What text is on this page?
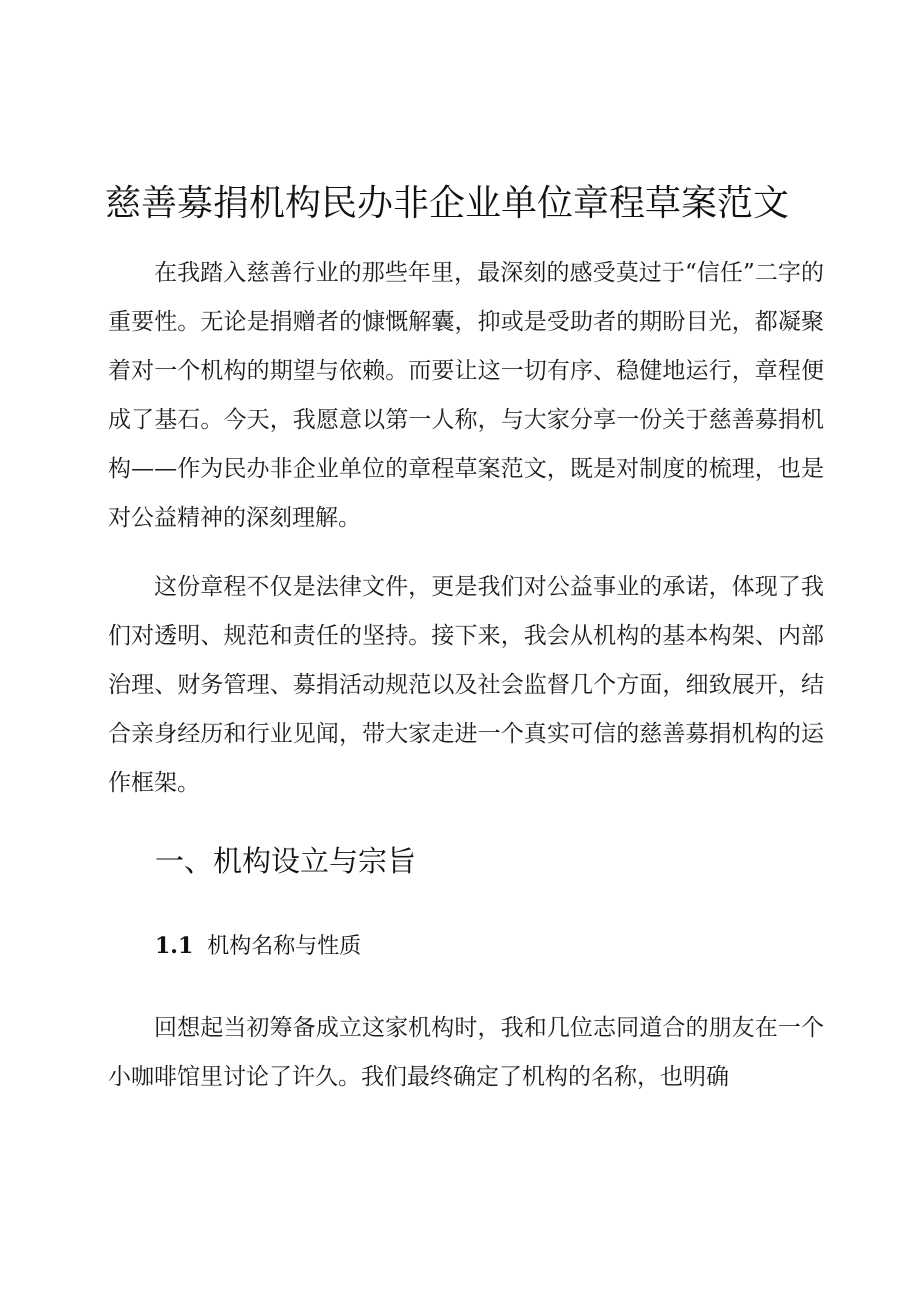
慈善募捐机构民办非企业单位章程草案范文

在我踏入慈善行业的那些年里，最深刻的感受莫过于“信任”二字的重要性。无论是捐赠者的慷慨解囊，抑或是受助者的期盼目光，都凝聚着对一个机构的期望与依赖。而要让这一切有序、稳健地运行，章程便成了基石。今天，我愿意以第一人称，与大家分享一份关于慈善募捐机构——作为民办非企业单位的章程草案范文，既是对制度的梳理，也是对公益精神的深刻理解。

这份章程不仅是法律文件，更是我们对公益事业的承诺，体现了我们对透明、规范和责任的坚持。接下来，我会从机构的基本构架、内部治理、财务管理、募捐活动规范以及社会监督几个方面，细致展开，结合亲身经历和行业见闻，带大家走进一个真实可信的慈善募捐机构的运作框架。

一、机构设立与宗旨
1.1 机构名称与性质

回想起当初筹备成立这家机构时，我和几位志同道合的朋友在一个小咖啡馆里讨论了许久。我们最终确定了机构的名称，也明确
